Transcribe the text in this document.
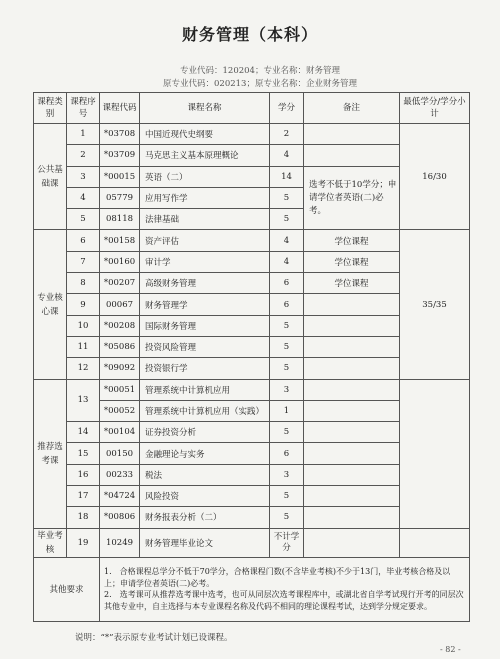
财务管理（本科）
专业代码：120204；专业名称：财务管理
原专业代码：020213；原专业名称：企业财务管理
课程类别	课程序号	课程代码	课程名称	学分	备注	最低学分/学分小计
公共基础课	1	*03708	中国近现代史纲要	2		16/30
	2	*03709	马克思主义基本原理概论	4		
	3	*00015	英语（二）	14	选考不低于10学分；申请学位者英语(二)必考。	
	4	05779	应用写作学	5		
	5	08118	法律基础	5		
专业核心课	6	*00158	资产评估	4	学位课程	35/35
	7	*00160	审计学	4	学位课程	
	8	*00207	高级财务管理	6	学位课程	
	9	00067	财务管理学	6		
	10	*00208	国际财务管理	5		
	11	*05086	投资风险管理	5		
	12	*09092	投资银行学	5		
推荐选考课	13	*00051	管理系统中计算机应用	3		
		*00052	管理系统中计算机应用（实践）	1		
	14	*00104	证券投资分析	5		
	15	00150	金融理论与实务	6		
	16	00233	税法	3		
	17	*04724	风险投资	5		
	18	*00806	财务报表分析（二）	5		
毕业考核	19	10249	财务管理毕业论文	不计学分		
其他要求		1.　合格课程总学分不低于70学分，合格课程门数(不含毕业考核)不少于13门，毕业考核合格及以上；申请学位者英语(二)必考。
2.　选考课可从推荐选考课中选考，也可从同层次选考课程库中，或湖北省自学考试现行开考的同层次其他专业中，自主选择与本专业课程名称及代码不相同的理论课程考试，达到学分规定要求。				
说明：“*”表示原专业考试计划已设课程。
- 82 -
